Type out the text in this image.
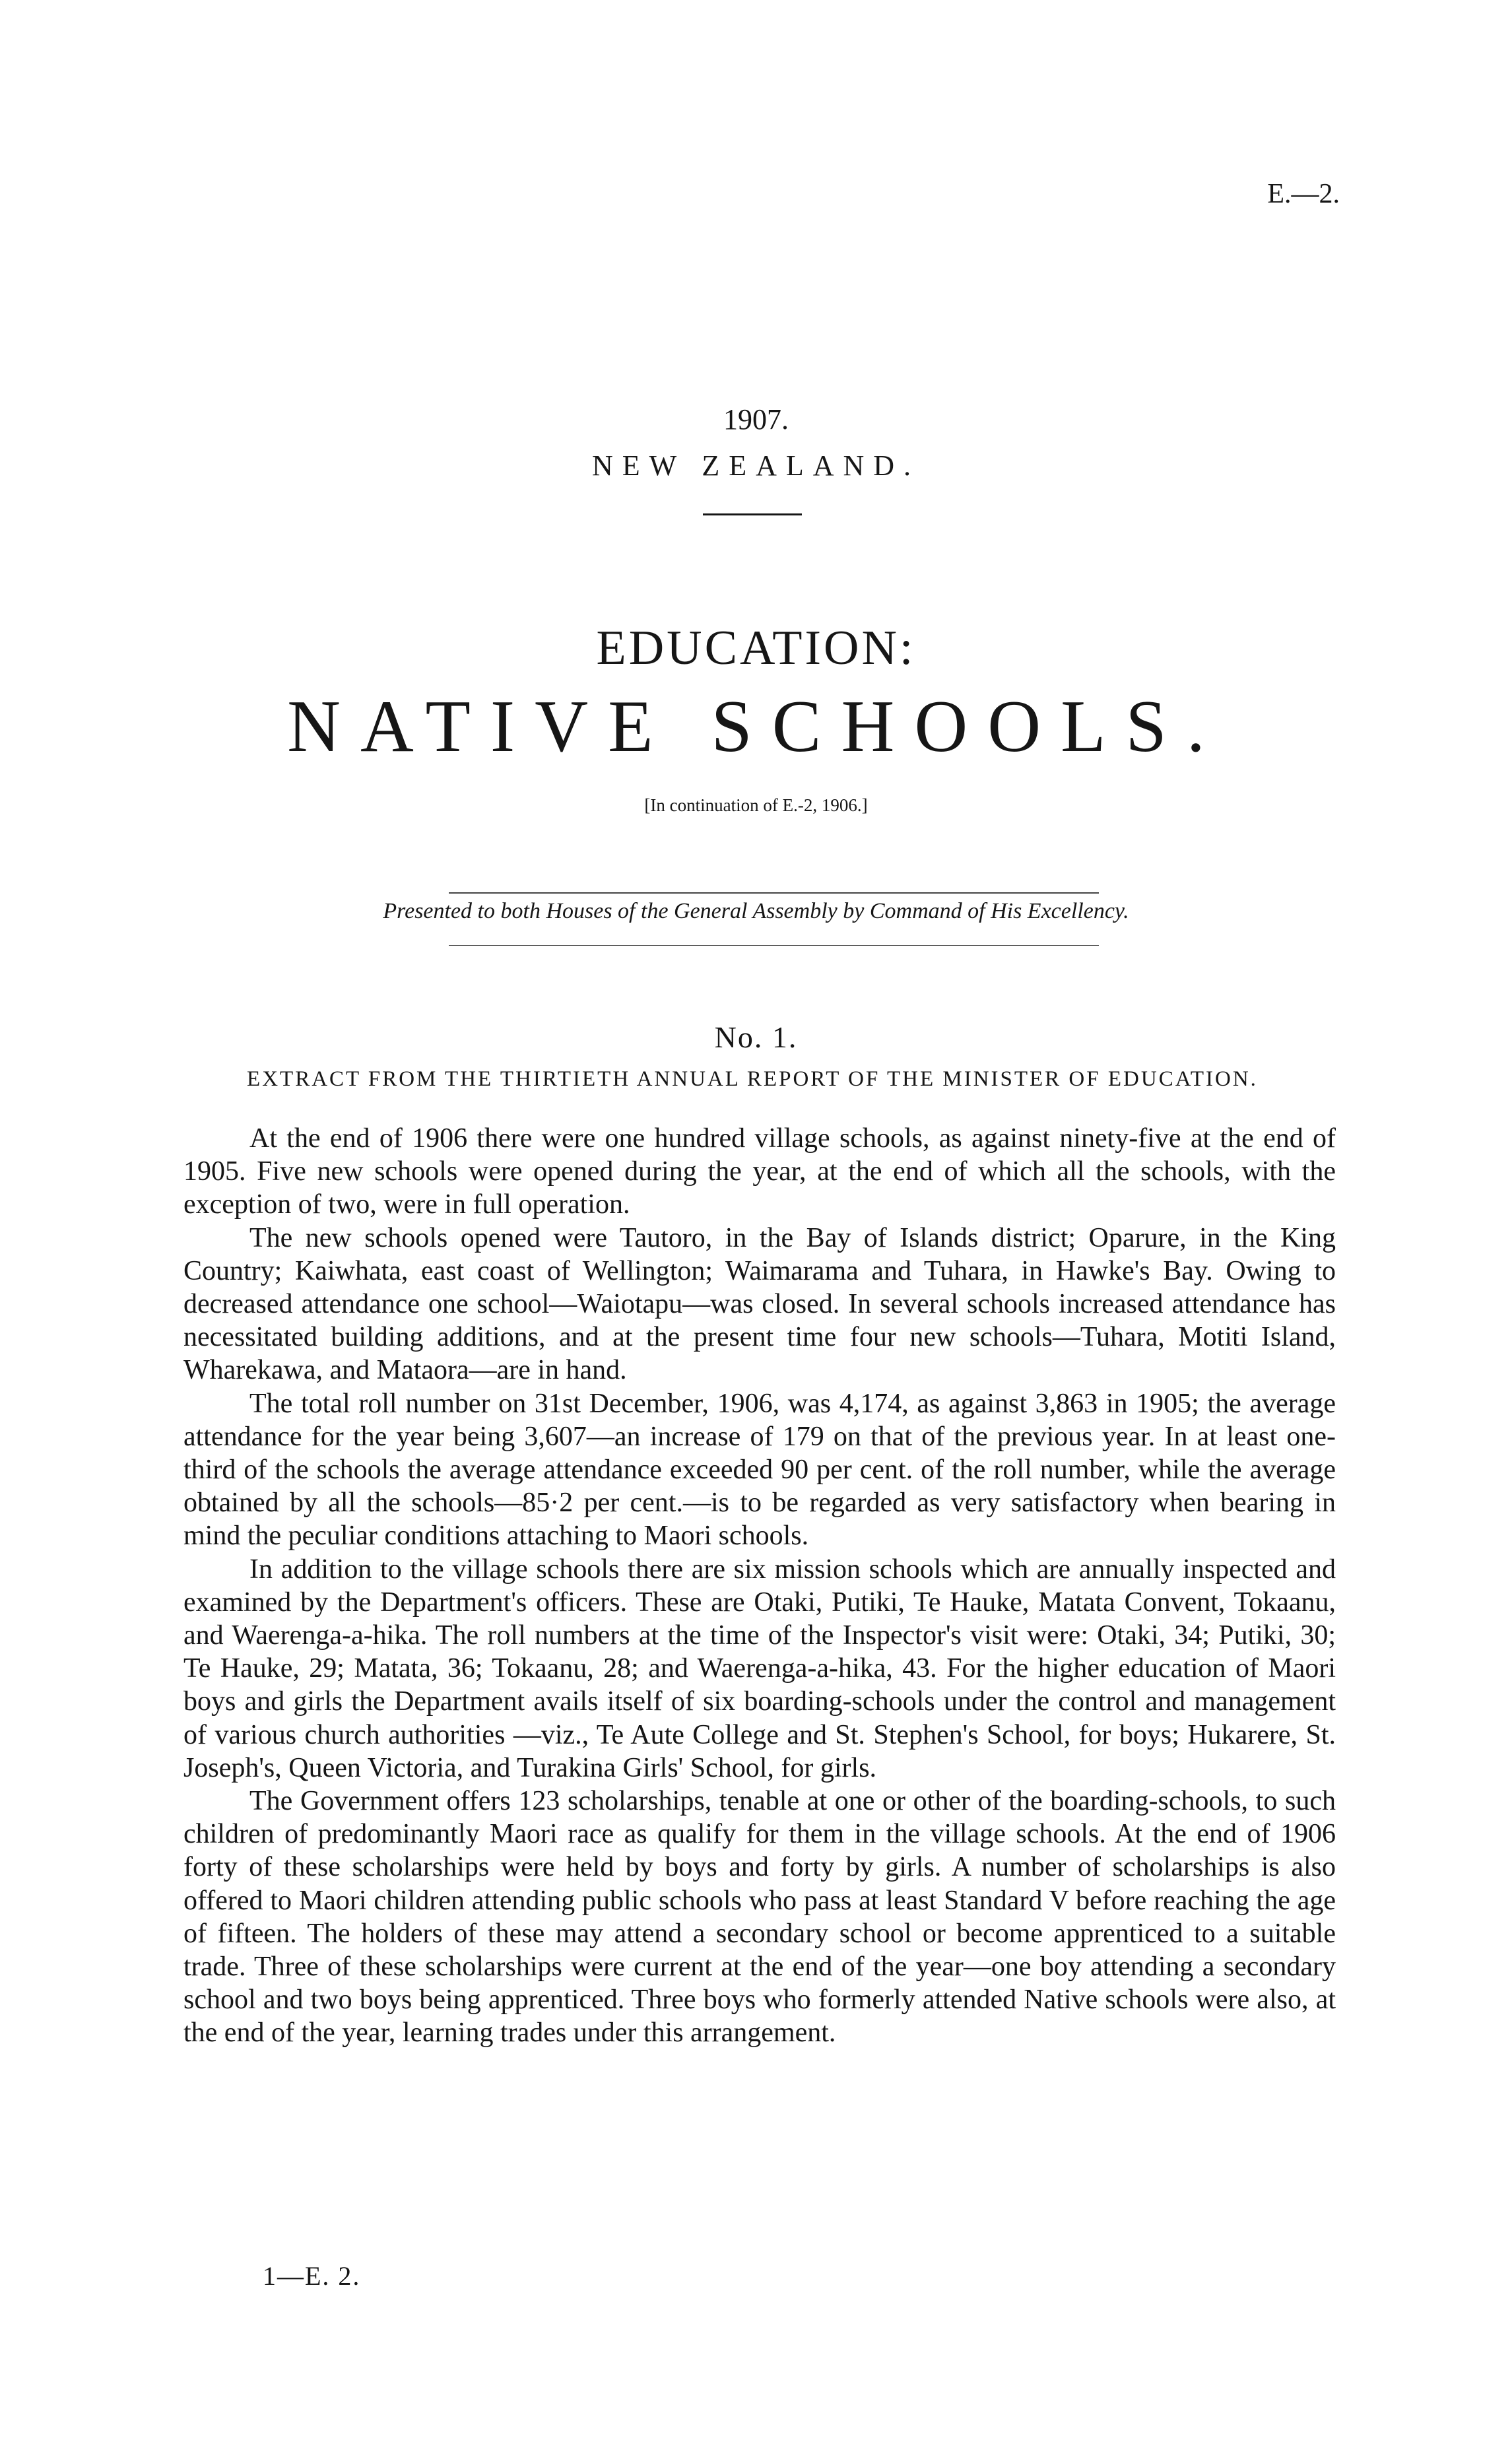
E.—2.
1907.
NEW ZEALAND.
EDUCATION:
NATIVE SCHOOLS.
[In continuation of E.-2, 1906.]
Presented to both Houses of the General Assembly by Command of His Excellency.
No. 1.
EXTRACT FROM THE THIRTIETH ANNUAL REPORT OF THE MINISTER OF EDUCATION.

At the end of 1906 there were one hundred village schools, as against ninety-five at the end of 1905. Five new schools were opened during the year, at the end of which all the schools, with the exception of two, were in full operation.

The new schools opened were Tautoro, in the Bay of Islands district; Oparure, in the King Country; Kaiwhata, east coast of Wellington; Waimarama and Tuhara, in Hawke's Bay. Owing to decreased attendance one school—Waiotapu—was closed. In several schools increased attendance has necessitated building additions, and at the present time four new schools—Tuhara, Motiti Island, Wharekawa, and Mataora—are in hand.

The total roll number on 31st December, 1906, was 4,174, as against 3,863 in 1905; the average attendance for the year being 3,607—an increase of 179 on that of the previous year. In at least one-third of the schools the average attendance exceeded 90 per cent. of the roll number, while the average obtained by all the schools—85·2 per cent.—is to be regarded as very satisfactory when bearing in mind the peculiar conditions attaching to Maori schools.

In addition to the village schools there are six mission schools which are annually inspected and examined by the Department's officers. These are Otaki, Putiki, Te Hauke, Matata Convent, Tokaanu, and Waerenga-a-hika. The roll numbers at the time of the Inspector's visit were: Otaki, 34; Putiki, 30; Te Hauke, 29; Matata, 36; Tokaanu, 28; and Waerenga-a-hika, 43. For the higher education of Maori boys and girls the Department avails itself of six boarding-schools under the control and management of various church authorities —viz., Te Aute College and St. Stephen's School, for boys; Hukarere, St. Joseph's, Queen Victoria, and Turakina Girls' School, for girls.

The Government offers 123 scholarships, tenable at one or other of the boarding-schools, to such children of predominantly Maori race as qualify for them in the village schools. At the end of 1906 forty of these scholarships were held by boys and forty by girls. A number of scholarships is also offered to Maori children attending public schools who pass at least Standard V before reaching the age of fifteen. The holders of these may attend a secondary school or become apprenticed to a suitable trade. Three of these scholarships were current at the end of the year—one boy attending a secondary school and two boys being apprenticed. Three boys who formerly attended Native schools were also, at the end of the year, learning trades under this arrangement.

1—E. 2.
